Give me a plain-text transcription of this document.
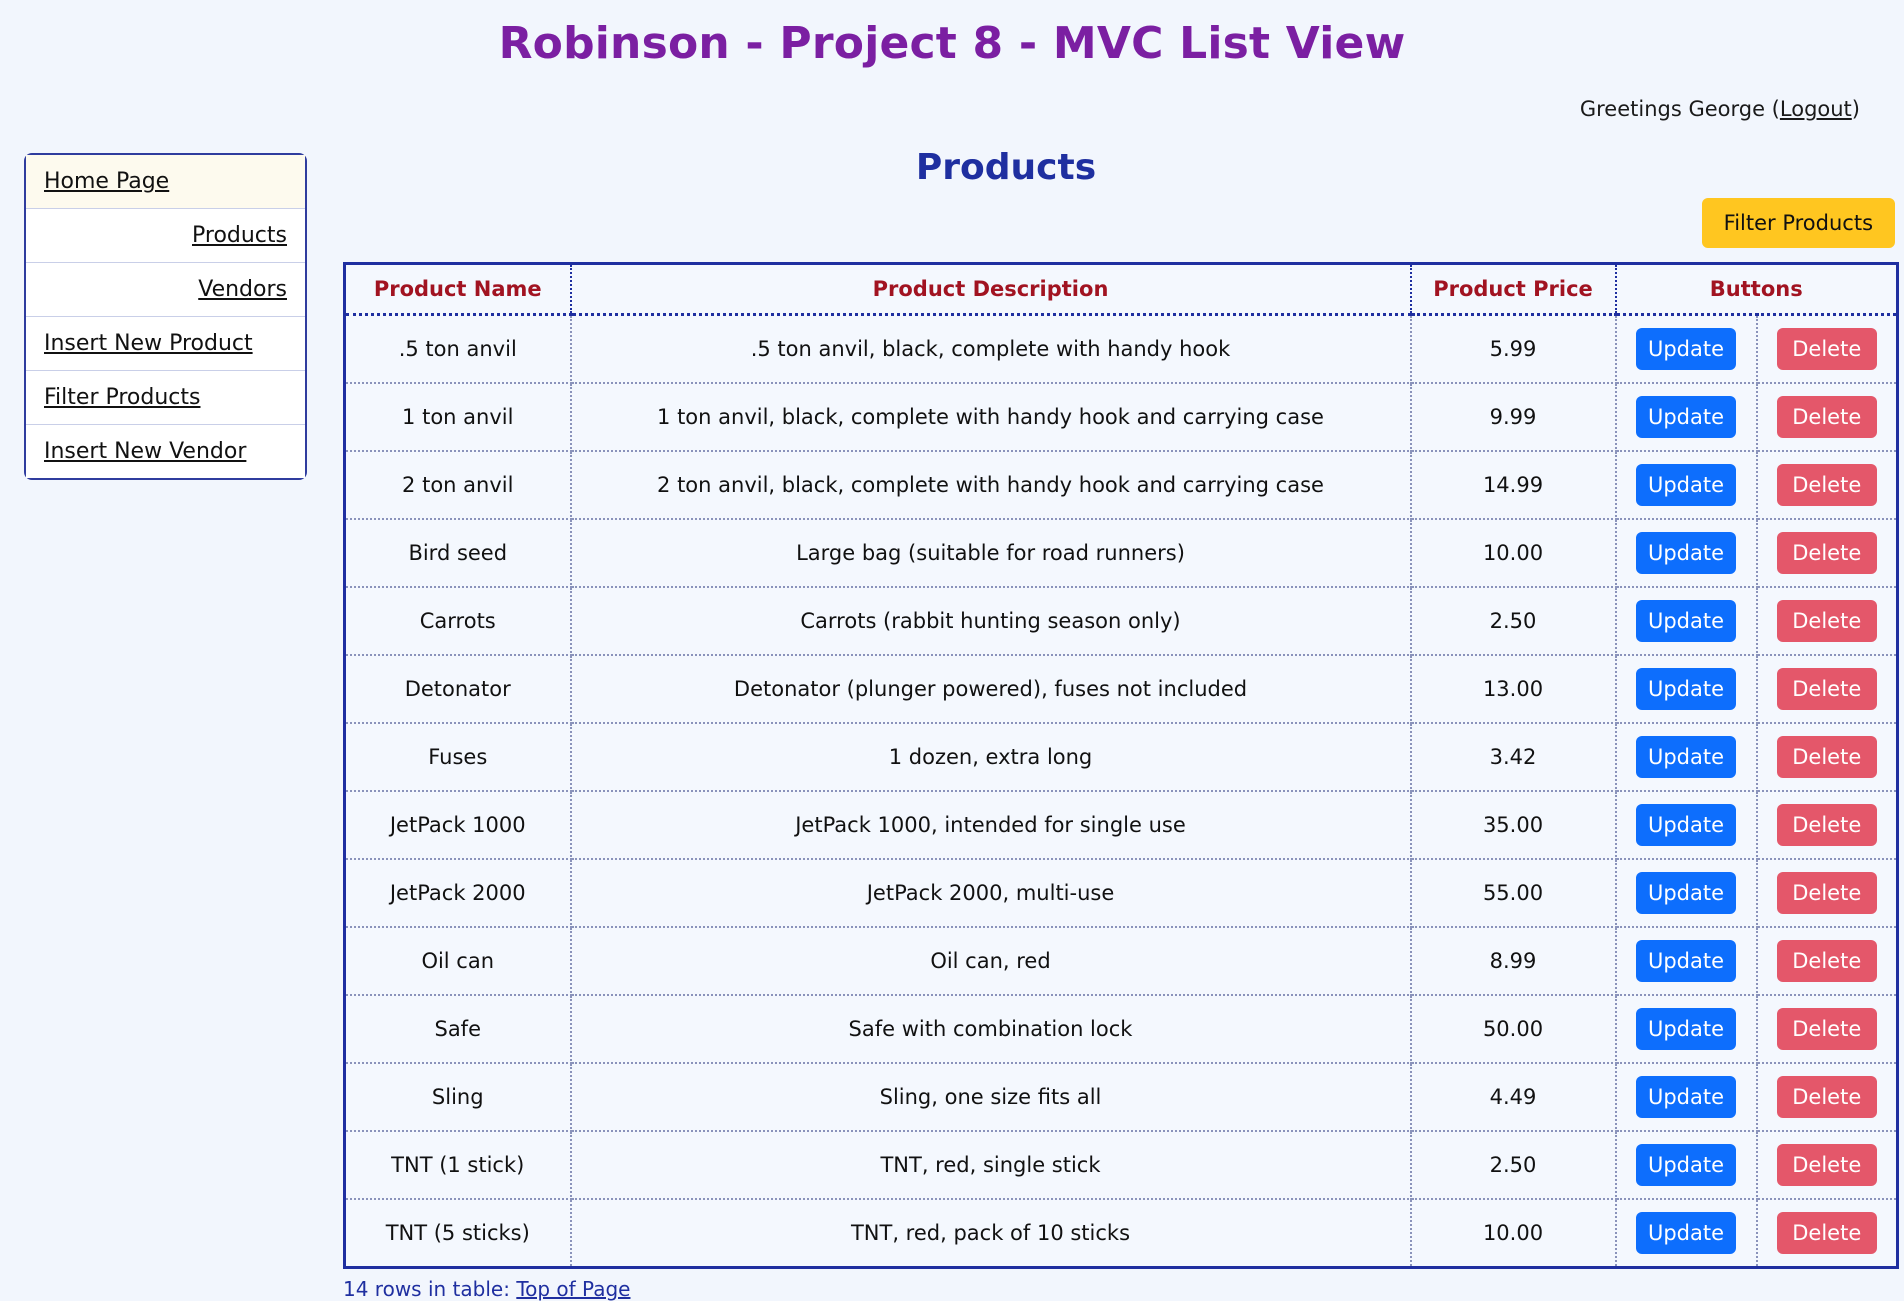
Robinson - Project 8 - MVC List View
Greetings George (Logout)
Home Page
Products
Vendors
Insert New Product
Filter Products
Insert New Vendor
Products
Filter Products
Product Name	Product Description	Product Price	Buttons	
.5 ton anvil	.5 ton anvil, black, complete with handy hook	5.99	Update	Delete
1 ton anvil	1 ton anvil, black, complete with handy hook and carrying case	9.99	Update	Delete
2 ton anvil	2 ton anvil, black, complete with handy hook and carrying case	14.99	Update	Delete
Bird seed	Large bag (suitable for road runners)	10.00	Update	Delete
Carrots	Carrots (rabbit hunting season only)	2.50	Update	Delete
Detonator	Detonator (plunger powered), fuses not included	13.00	Update	Delete
Fuses	1 dozen, extra long	3.42	Update	Delete
JetPack 1000	JetPack 1000, intended for single use	35.00	Update	Delete
JetPack 2000	JetPack 2000, multi-use	55.00	Update	Delete
Oil can	Oil can, red	8.99	Update	Delete
Safe	Safe with combination lock	50.00	Update	Delete
Sling	Sling, one size fits all	4.49	Update	Delete
TNT (1 stick)	TNT, red, single stick	2.50	Update	Delete
TNT (5 sticks)	TNT, red, pack of 10 sticks	10.00	Update	Delete
14 rows in table: Top of Page
